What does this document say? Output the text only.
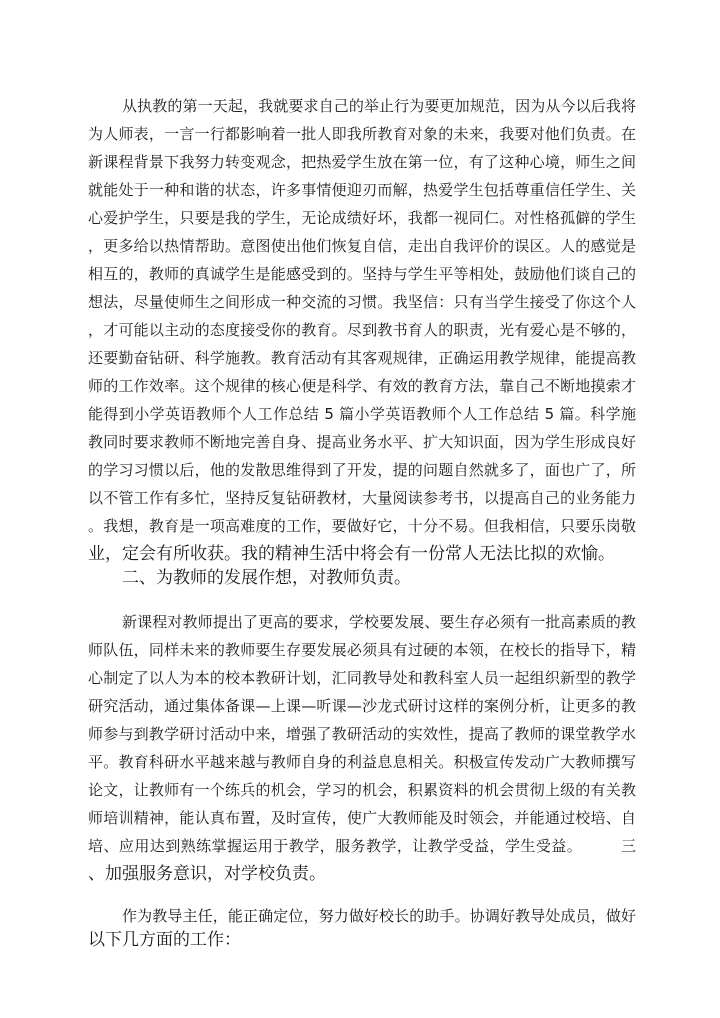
从执教的第一天起，我就要求自己的举止行为要更加规范，因为从今以后我将
为人师表，一言一行都影响着一批人即我所教育对象的未来，我要对他们负责。在
新课程背景下我努力转变观念，把热爱学生放在第一位，有了这种心境，师生之间
就能处于一种和谐的状态，许多事情便迎刃而解，热爱学生包括尊重信任学生、关
心爱护学生，只要是我的学生，无论成绩好坏，我都一视同仁。对性格孤僻的学生
，更多给以热情帮助。意图使出他们恢复自信，走出自我评价的误区。人的感觉是
相互的，教师的真诚学生是能感受到的。坚持与学生平等相处，鼓励他们谈自己的
想法，尽量使师生之间形成一种交流的习惯。我坚信：只有当学生接受了你这个人
，才可能以主动的态度接受你的教育。尽到教书育人的职责，光有爱心是不够的，
还要勤奋钻研、科学施教。教育活动有其客观规律，正确运用教学规律，能提高教
师的工作效率。这个规律的核心便是科学、有效的教育方法，靠自己不断地摸索才
能得到小学英语教师个人工作总结 5 篇小学英语教师个人工作总结 5 篇。科学施
教同时要求教师不断地完善自身、提高业务水平、扩大知识面，因为学生形成良好
的学习习惯以后，他的发散思维得到了开发，提的问题自然就多了，面也广了，所
以不管工作有多忙，坚持反复钻研教材，大量阅读参考书，以提高自己的业务能力
。我想，教育是一项高难度的工作，要做好它，十分不易。但我相信，只要乐岗敬
业，定会有所收获。我的精神生活中将会有一份常人无法比拟的欢愉。
二、为教师的发展作想，对教师负责。
新课程对教师提出了更高的要求，学校要发展、要生存必须有一批高素质的教
师队伍，同样未来的教师要生存要发展必须具有过硬的本领，在校长的指导下，精
心制定了以人为本的校本教研计划，汇同教导处和教科室人员一起组织新型的教学
研究活动，通过集体备课—上课—听课—沙龙式研讨这样的案例分析，让更多的教
师参与到教学研讨活动中来，增强了教研活动的实效性，提高了教师的课堂教学水
平。教育科研水平越来越与教师自身的利益息息相关。积极宣传发动广大教师撰写
论文，让教师有一个练兵的机会，学习的机会，积累资料的机会贯彻上级的有关教
师培训精神，能认真布置，及时宣传，使广大教师能及时领会，并能通过校培、自
培、应用达到熟练掌握运用于教学，服务教学，让教学受益，学生受益。　　　三
、加强服务意识，对学校负责。
作为教导主任，能正确定位，努力做好校长的助手。协调好教导处成员，做好
以下几方面的工作：
